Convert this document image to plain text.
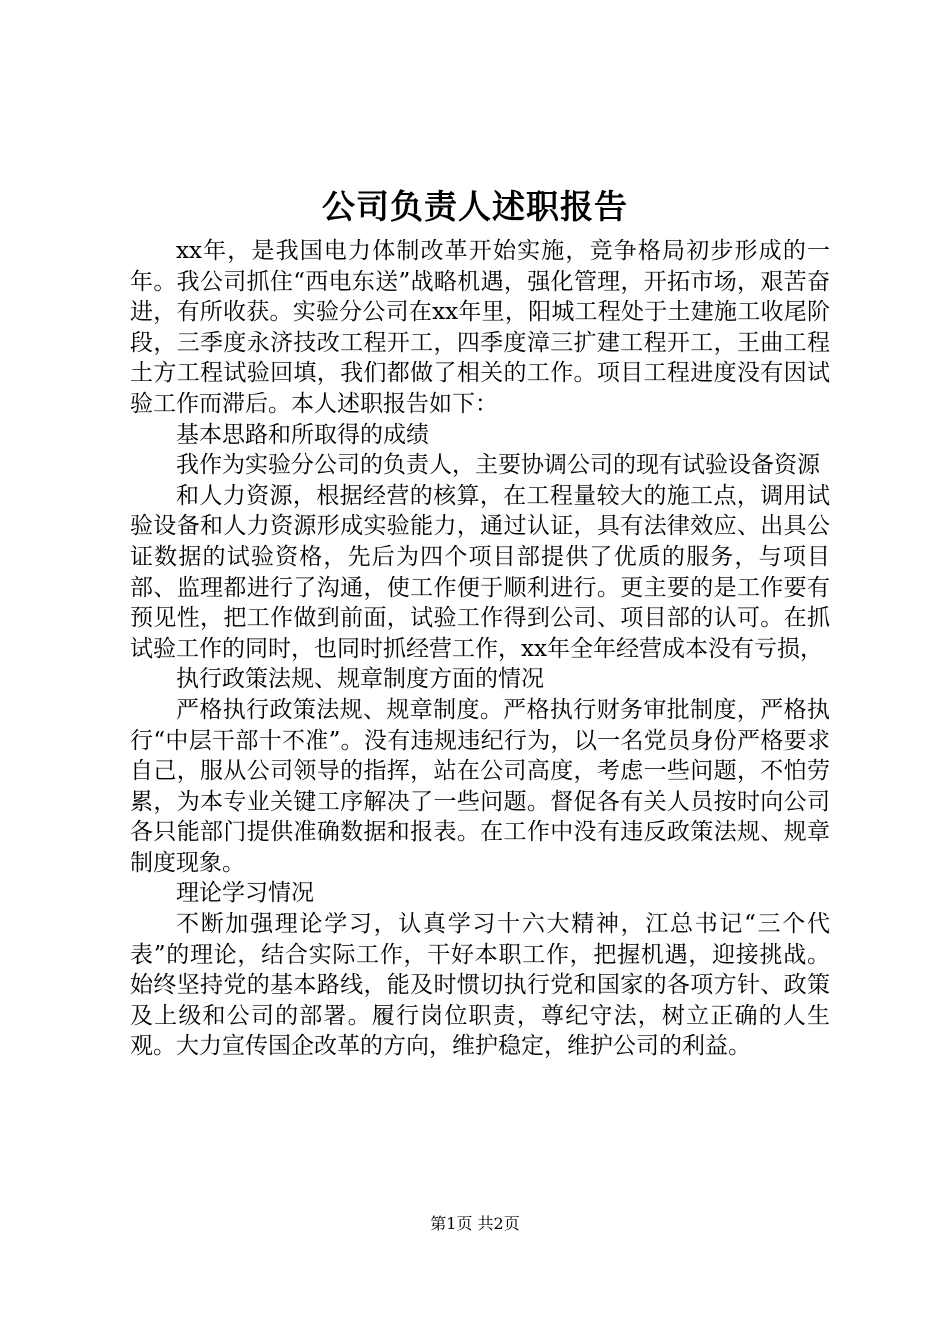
公司负责人述职报告

xx年，是我国电力体制改革开始实施，竞争格局初步形成的一年。我公司抓住“西电东送”战略机遇，强化管理，开拓市场，艰苦奋进，有所收获。实验分公司在xx年里，阳城工程处于土建施工收尾阶段，三季度永济技改工程开工，四季度漳三扩建工程开工，王曲工程土方工程试验回填，我们都做了相关的工作。项目工程进度没有因试验工作而滞后。本人述职报告如下：

基本思路和所取得的成绩

我作为实验分公司的负责人，主要协调公司的现有试验设备资源

和人力资源，根据经营的核算，在工程量较大的施工点，调用试验设备和人力资源形成实验能力，通过认证，具有法律效应、出具公证数据的试验资格，先后为四个项目部提供了优质的服务，与项目部、监理都进行了沟通，使工作便于顺利进行。更主要的是工作要有预见性，把工作做到前面，试验工作得到公司、项目部的认可。在抓试验工作的同时，也同时抓经营工作，xx年全年经营成本没有亏损，

执行政策法规、规章制度方面的情况

严格执行政策法规、规章制度。严格执行财务审批制度，严格执行“中层干部十不准”。没有违规违纪行为，以一名党员身份严格要求自己，服从公司领导的指挥，站在公司高度，考虑一些问题，不怕劳累，为本专业关键工序解决了一些问题。督促各有关人员按时向公司各只能部门提供准确数据和报表。在工作中没有违反政策法规、规章制度现象。

理论学习情况

不断加强理论学习，认真学习十六大精神，江总书记“三个代表”的理论，结合实际工作，干好本职工作，把握机遇，迎接挑战。始终坚持党的基本路线，能及时惯切执行党和国家的各项方针、政策及上级和公司的部署。履行岗位职责，尊纪守法，树立正确的人生观。大力宣传国企改革的方向，维护稳定，维护公司的利益。

第1页 共2页
